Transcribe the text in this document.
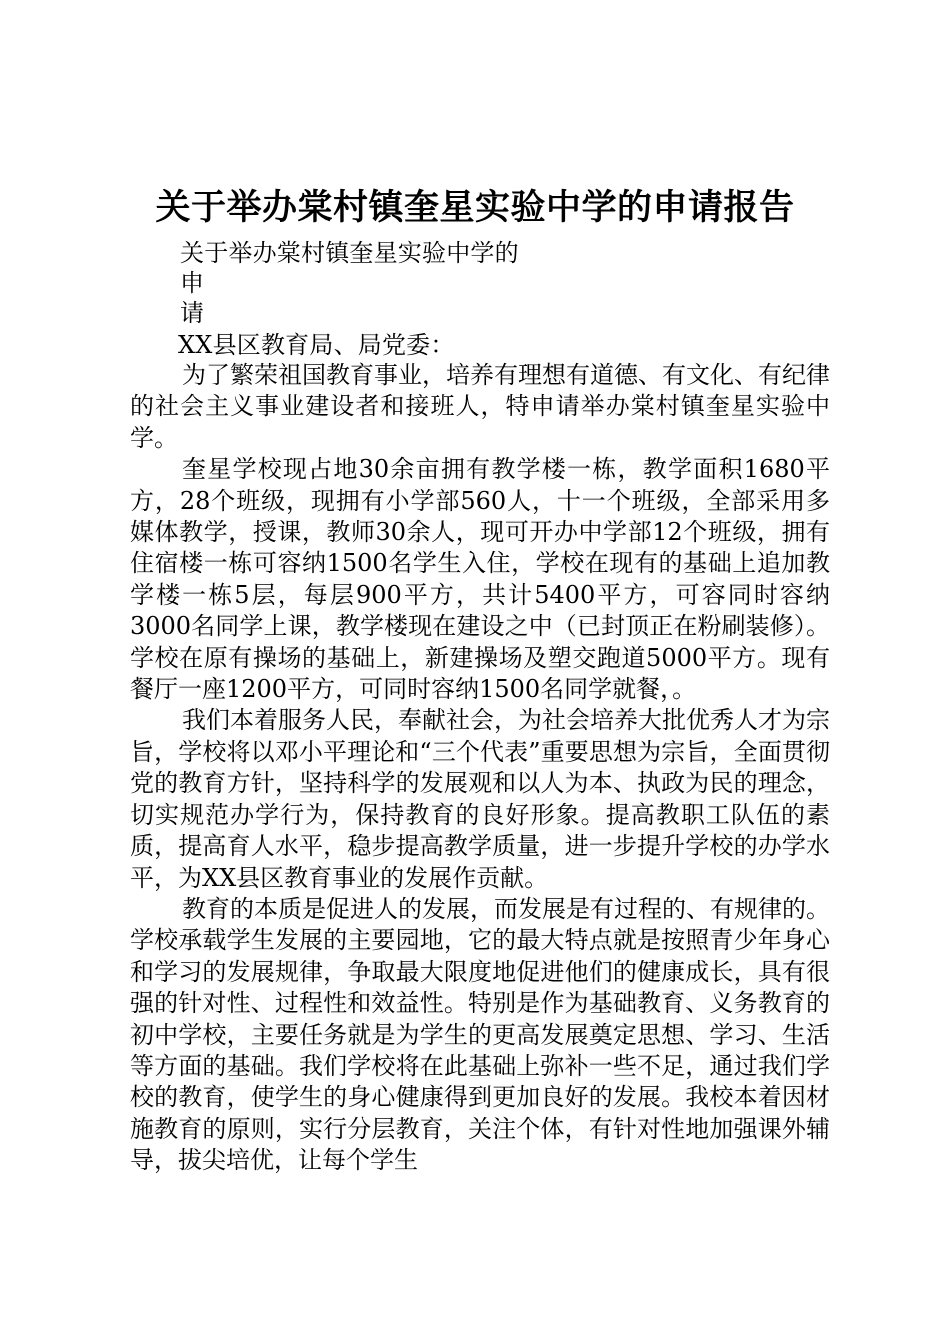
关于举办棠村镇奎星实验中学的申请报告
关于举办棠村镇奎星实验中学的
申
请
XX县区教育局、局党委：

为了繁荣祖国教育事业，培养有理想有道德、有文化、有纪律的社会主义事业建设者和接班人，特申请举办棠村镇奎星实验中学。

奎星学校现占地30余亩拥有教学楼一栋，教学面积1680平方，28个班级，现拥有小学部560人，十一个班级，全部采用多媒体教学，授课，教师30余人，现可开办中学部12个班级，拥有住宿楼一栋可容纳1500名学生入住，学校在现有的基础上追加教学楼一栋5层，每层900平方，共计5400平方，可容同时容纳3000名同学上课，教学楼现在建设之中（已封顶正在粉刷装修）。学校在原有操场的基础上，新建操场及塑交跑道5000平方。现有餐厅一座1200平方，可同时容纳1500名同学就餐，。

我们本着服务人民，奉献社会，为社会培养大批优秀人才为宗旨，学校将以邓小平理论和“三个代表”重要思想为宗旨，全面贯彻党的教育方针，坚持科学的发展观和以人为本、执政为民的理念，切实规范办学行为，保持教育的良好形象。提高教职工队伍的素质，提高育人水平，稳步提高教学质量，进一步提升学校的办学水平，为XX县区教育事业的发展作贡献。

教育的本质是促进人的发展，而发展是有过程的、有规律的。学校承载学生发展的主要园地，它的最大特点就是按照青少年身心和学习的发展规律，争取最大限度地促进他们的健康成长，具有很强的针对性、过程性和效益性。特别是作为基础教育、义务教育的初中学校，主要任务就是为学生的更高发展奠定思想、学习、生活等方面的基础。我们学校将在此基础上弥补一些不足，通过我们学校的教育，使学生的身心健康得到更加良好的发展。我校本着因材施教育的原则，实行分层教育，关注个体，有针对性地加强课外辅导，拔尖培优，让每个学生
